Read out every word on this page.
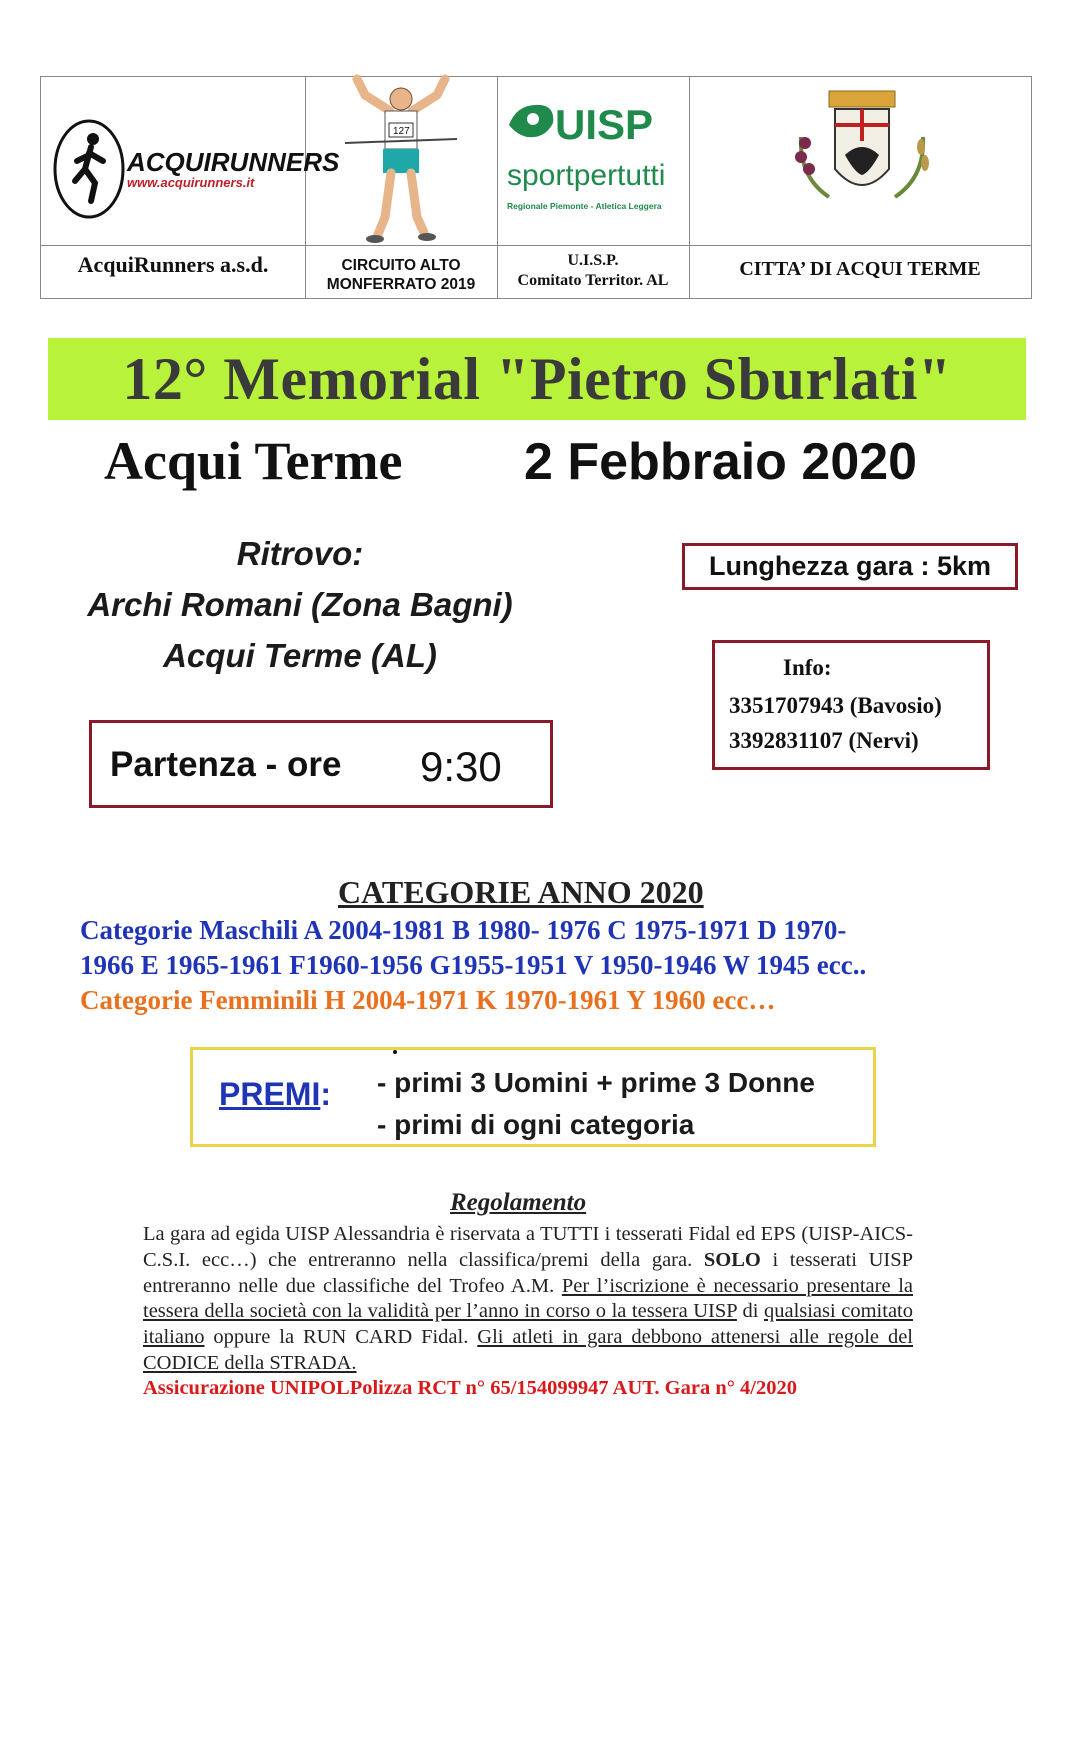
ACQUIRUNNERS
www.acquirunners.it
AcquiRunners a.s.d.
127
CIRCUITO ALTO
MONFERRATO 2019
UISP
sportpertutti
Regionale Piemonte - Atletica Leggera
U.I.S.P.
Comitato Territor. AL
CITTA’ DI ACQUI TERME
12° Memorial "Pietro Sburlati"
Acqui Terme 2 Febbraio 2020
Ritrovo:
Archi Romani (Zona Bagni)
Acqui Terme (AL)
Lunghezza gara : 5km
Info:
3351707943 (Bavosio)
3392831107 (Nervi)
Partenza - ore 9:30
CATEGORIE ANNO 2020
Categorie Maschili A 2004-1981 B 1980- 1976 C 1975-1971 D 1970-
1966 E 1965-1961 F1960-1956 G1955-1951 V 1950-1946 W 1945 ecc..
Categorie Femminili H 2004-1971 K 1970-1961 Y 1960 ecc…
PREMI: - primi 3 Uomini + prime 3 Donne
- primi di ogni categoria
Regolamento
La gara ad egida UISP Alessandria è riservata a TUTTI i tesserati Fidal ed EPS (UISP-AICS-C.S.I. ecc…) che entreranno nella classifica/premi della gara. SOLO i tesserati UISP entreranno nelle due classifiche del Trofeo A.M. Per l’iscrizione è necessario presentare la tessera della società con la validità per l’anno in corso o la tessera UISP di qualsiasi comitato italiano oppure la RUN CARD Fidal. Gli atleti in gara debbono attenersi alle regole del CODICE della STRADA.
Assicurazione UNIPOLPolizza RCT n° 65/154099947 AUT. Gara n° 4/2020
